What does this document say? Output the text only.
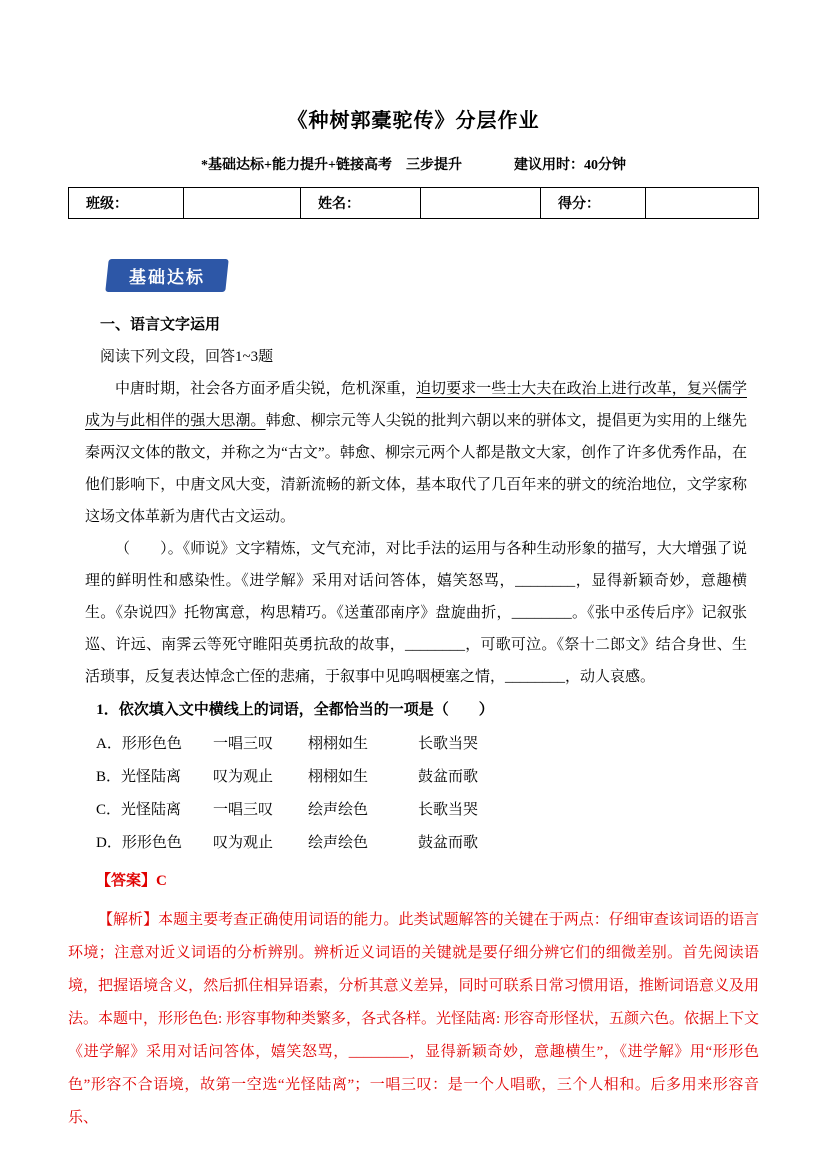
《种树郭橐驼传》分层作业
*基础达标+能力提升+链接高考 三步提升	建议用时：40分钟
班级：		姓名：		得分：	
基础达标
一、语言文字运用
阅读下列文段，回答1~3题

中唐时期，社会各方面矛盾尖锐，危机深重，迫切要求一些士大夫在政治上进行改革，复兴儒学成为与此相伴的强大思潮。韩愈、柳宗元等人尖锐的批判六朝以来的骈体文，提倡更为实用的上继先秦两汉文体的散文，并称之为“古文”。韩愈、柳宗元两个人都是散文大家，创作了许多优秀作品，在他们影响下，中唐文风大变，清新流畅的新文体，基本取代了几百年来的骈文的统治地位，文学家称这场文体革新为唐代古文运动。

（　　）。《师说》文字精炼，文气充沛，对比手法的运用与各种生动形象的描写，大大增强了说理的鲜明性和感染性。《进学解》采用对话问答体，嬉笑怒骂，________，显得新颖奇妙，意趣横生。《杂说四》托物寓意，构思精巧。《送董邵南序》盘旋曲折，________。《张中丞传后序》记叙张巡、许远、南霁云等死守睢阳英勇抗敌的故事，________，可歌可泣。《祭十二郎文》结合身世、生活琐事，反复表达悼念亡侄的悲痛，于叙事中见呜咽梗塞之情，________，动人哀感。

1．依次填入文中横线上的词语，全都恰当的一项是（　　）
A．形形色色	一唱三叹	栩栩如生	长歌当哭
B．光怪陆离	叹为观止	栩栩如生	鼓盆而歌
C．光怪陆离	一唱三叹	绘声绘色	长歌当哭
D．形形色色	叹为观止	绘声绘色	鼓盆而歌
【答案】C

【解析】本题主要考查正确使用词语的能力。此类试题解答的关键在于两点：仔细审查该词语的语言环境；注意对近义词语的分析辨别。辨析近义词语的关键就是要仔细分辨它们的细微差别。首先阅读语境，把握语境含义，然后抓住相异语素，分析其意义差异，同时可联系日常习惯用语，推断词语意义及用法。本题中，形形色色: 形容事物种类繁多，各式各样。光怪陆离: 形容奇形怪状，五颜六色。依据上下文《进学解》采用对话问答体，嬉笑怒骂，________，显得新颖奇妙，意趣横生”，《进学解》用“形形色色”形容不合语境，故第一空选“光怪陆离”；一唱三叹：是一个人唱歌，三个人相和。后多用来形容音乐、
